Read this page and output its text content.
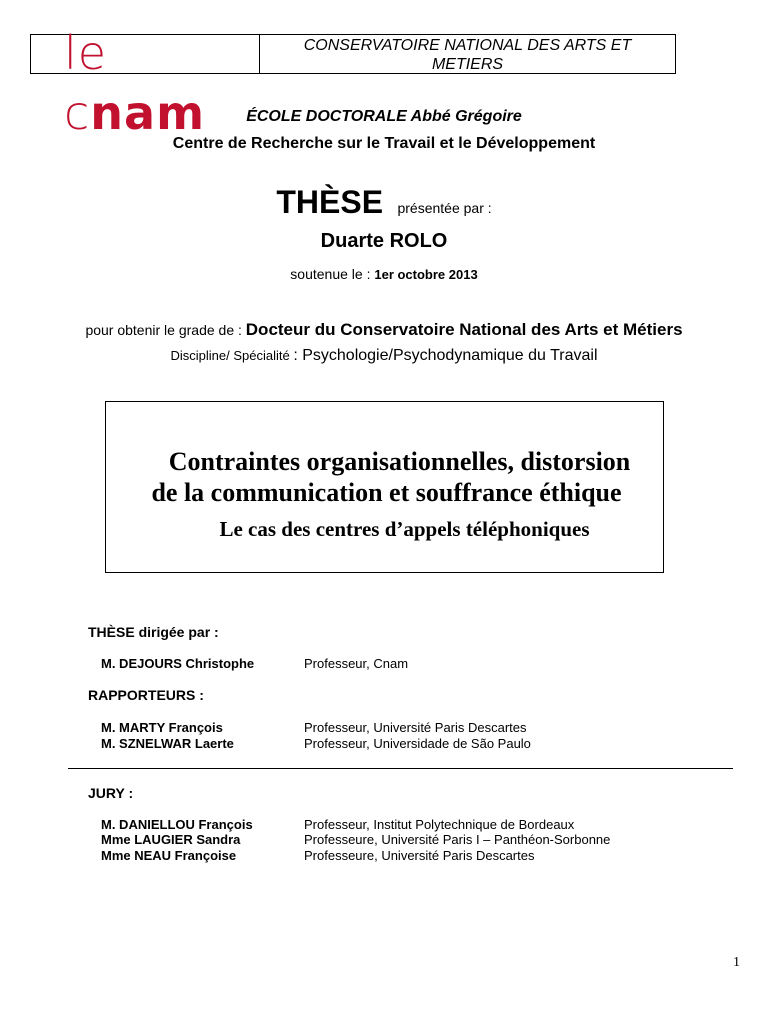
le cnam
CONSERVATOIRE NATIONAL DES ARTS ET
METIERS
ÉCOLE DOCTORALE Abbé Grégoire
Centre de Recherche sur le Travail et le Développement
THÈSE présentée par :
Duarte ROLO
soutenue le : 1er octobre 2013
pour obtenir le grade de : Docteur du Conservatoire National des Arts et Métiers
Discipline/ Spécialité : Psychologie/Psychodynamique du Travail
Contraintes organisationnelles, distorsion
de la communication et souffrance éthique
Le cas des centres d’appels téléphoniques
THÈSE dirigée par :
M. DEJOURS Christophe	Professeur, Cnam
RAPPORTEURS :
M. MARTY François	Professeur, Université Paris Descartes
M. SZNELWAR Laerte	Professeur, Universidade de São Paulo
JURY :
M. DANIELLOU François	Professeur, Institut Polytechnique de Bordeaux
Mme LAUGIER Sandra	Professeure, Université Paris I – Panthéon-Sorbonne
Mme NEAU Françoise	Professeure, Université Paris Descartes
1
